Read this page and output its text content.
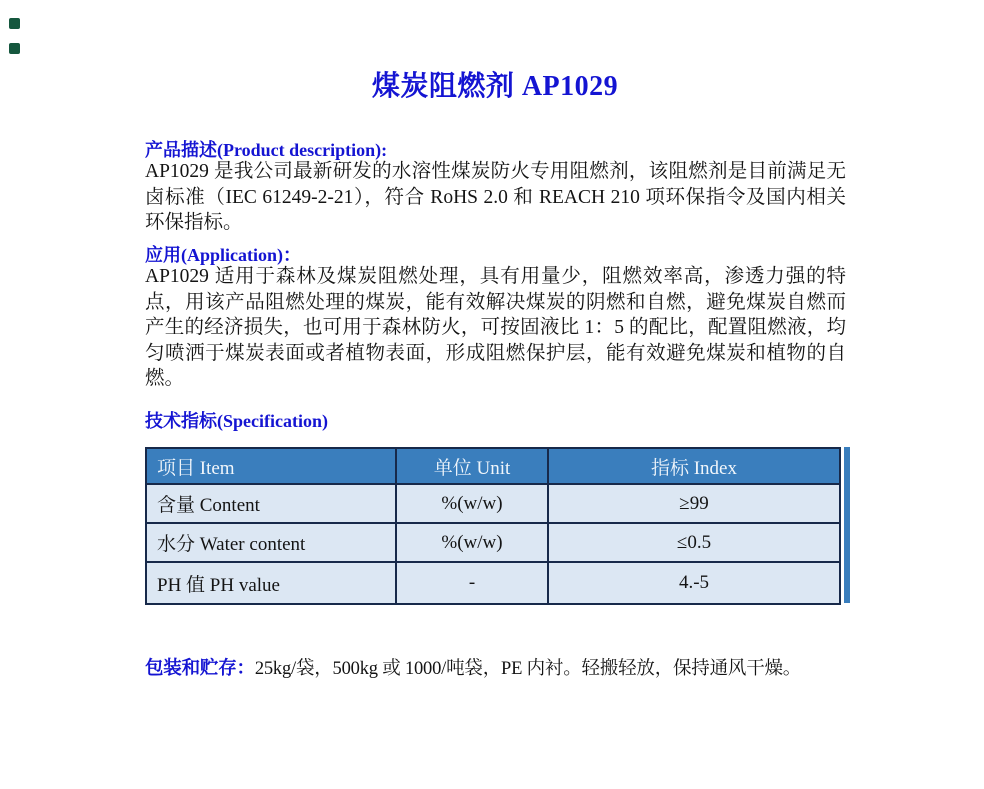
煤炭阻燃剂 AP1029

产品描述(Product description):

AP1029 是我公司最新研发的水溶性煤炭防火专用阻燃剂，该阻燃剂是目前满足无卤标准（IEC 61249-2-21），符合 RoHS 2.0 和 REACH 210 项环保指令及国内相关环保指标。

应用(Application)：

AP1029 适用于森林及煤炭阻燃处理，具有用量少，阻燃效率高，渗透力强的特点，用该产品阻燃处理的煤炭，能有效解决煤炭的阴燃和自燃，避免煤炭自燃而产生的经济损失，也可用于森林防火，可按固液比 1：5 的配比，配置阻燃液，均匀喷洒于煤炭表面或者植物表面，形成阻燃保护层，能有效避免煤炭和植物的自燃。

技术指标(Specification)

项目 Item	单位 Unit	指标 Index
含量 Content	%(w/w)	≥99
水分 Water content	%(w/w)	≤0.5
PH 值 PH value	-	4.-5

包装和贮存：25kg/袋，500kg 或 1000/吨袋，PE 内衬。轻搬轻放，保持通风干燥。
